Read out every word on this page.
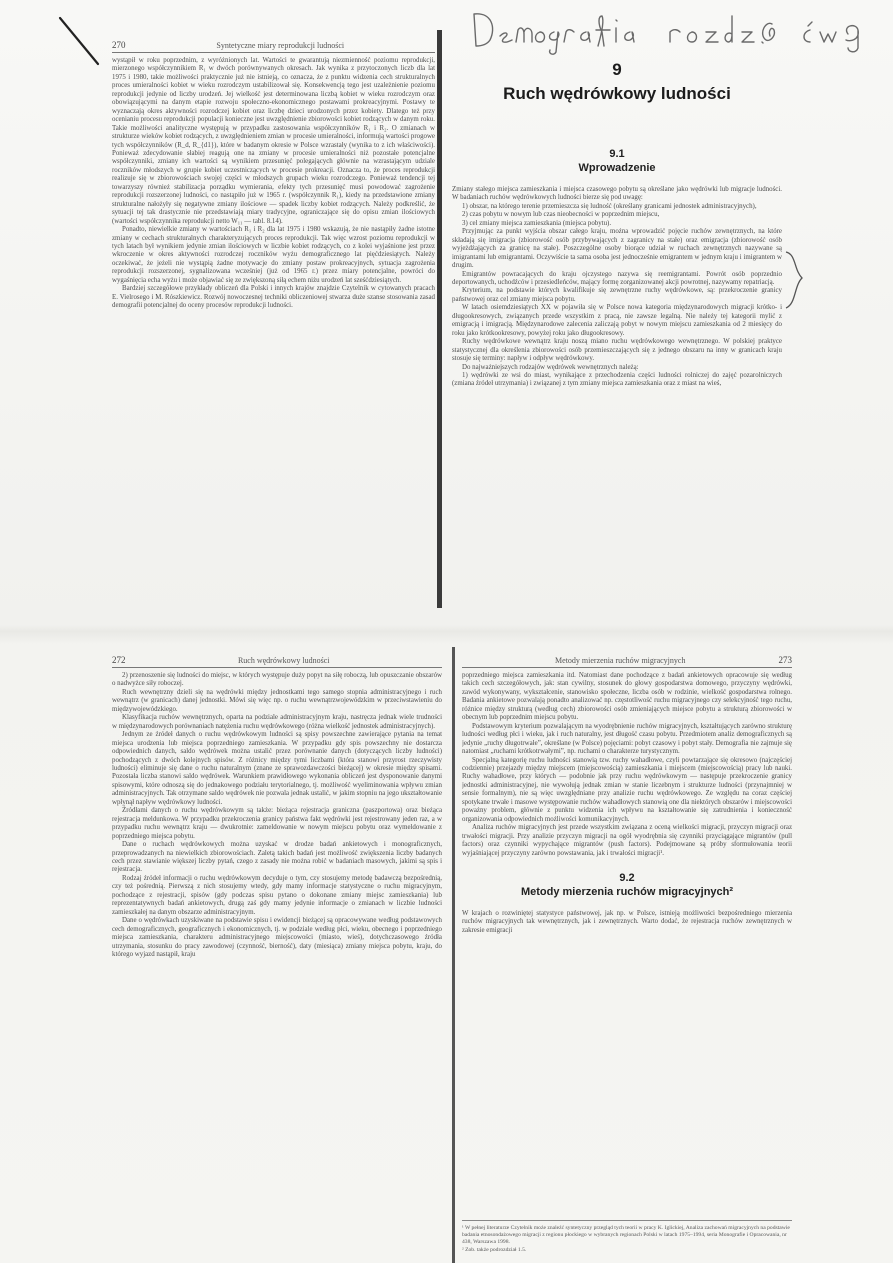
270	Syntetyczne miary reprodukcji ludności

wystąpił w roku poprzednim, z wyróżnionych lat. Wartości te gwarantują niezmienność poziomu reprodukcji, mierzonego współczynnikiem R₁ w dwóch porównywanych okresach. Jak wynika z przytoczonych liczb dla lat 1975 i 1980, takie możliwości praktycznie już nie istnieją, co oznacza, że z punktu widzenia cech strukturalnych proces umieralności kobiet w wieku rozrodczym ustabilizował się. Konsekwencją tego jest uzależnienie poziomu reprodukcji jedynie od liczby urodzeń. Jej wielkość jest determinowana liczbą kobiet w wieku rozrodczym oraz obowiązującymi na danym etapie rozwoju społeczno-ekonomicznego postawami prokreacyjnymi. Postawy te wyznaczają okres aktywności rozrodczej kobiet oraz liczbę dzieci urodzonych przez kobiety. Dlatego też przy ocenianiu procesu reprodukcji populacji konieczne jest uwzględnienie zbiorowości kobiet rodzących w danym roku. Takie możliwości analityczne występują w przypadku zastosowania współczynników R₁ i R₂. O zmianach w strukturze wieków kobiet rodzących, z uwzględnieniem zmian w procesie umieralności, informują wartości progowe tych współczynników (R_d, R_{d1}), które w badanym okresie w Polsce wzrastały (wynika to z ich właściwości). Ponieważ zdecydowanie słabiej reagują one na zmiany w procesie umieralności niż pozostałe potencjalne współczynniki, zmiany ich wartości są wynikiem przesunięć polegających głównie na wzrastającym udziale roczników młodszych w grupie kobiet uczestniczących w procesie prokreacji. Oznacza to, że proces reprodukcji realizuje się w zbiorowościach swojej części w młodszych grupach wieku rozrodczego. Ponieważ tendencji tej towarzyszy również stabilizacja porządku wymierania, efekty tych przesunięć musi powodować zagrożenie reprodukcji rozszerzonej ludności, co nastąpiło już w 1965 r. (współczynnik R₁), kiedy na przedstawione zmiany strukturalne nałożyły się negatywne zmiany ilościowe — spadek liczby kobiet rodzących. Należy podkreślić, że sytuacji tej tak drastycznie nie przedstawiają miary tradycyjne, ograniczające się do opisu zmian ilościowych (wartości współczynnika reprodukcji netto W₁₁ — tabl. 8.14).

Ponadto, niewielkie zmiany w wartościach R₁ i R₂ dla lat 1975 i 1980 wskazują, że nie nastąpiły żadne istotne zmiany w cechach strukturalnych charakteryzujących proces reprodukcji. Tak więc wzrost poziomu reprodukcji w tych latach był wynikiem jedynie zmian ilościowych w liczbie kobiet rodzących, co z kolei wyjaśnione jest przez wkroczenie w okres aktywności rozrodczej roczników wyżu demograficznego lat pięćdziesiątych. Należy oczekiwać, że jeżeli nie wystąpią żadne motywacje do zmiany postaw prokreacyjnych, sytuacja zagrożenia reprodukcji rozszerzonej, sygnalizowana wcześniej (już od 1965 r.) przez miary potencjalne, powróci do wygaśnięcia echa wyżu i może objawiać się ze zwiększoną siłą echem niżu urodzeń lat sześćdziesiątych.

Bardziej szczegółowe przykłady obliczeń dla Polski i innych krajów znajdzie Czytelnik w cytowanych pracach E. Vielrosego i M. Rószkiewicz. Rozwój nowoczesnej techniki obliczeniowej stwarza duże szanse stosowania zasad demografii potencjalnej do oceny procesów reprodukcji ludności.

9
Ruch wędrówkowy ludności
9.1
Wprowadzenie

Zmiany stałego miejsca zamieszkania i miejsca czasowego pobytu są określane jako wędrówki lub migracje ludności. W badaniach ruchów wędrówkowych ludności bierze się pod uwagę:

1) obszar, na którego terenie przemieszcza się ludność (określany granicami jednostek administracyjnych),

2) czas pobytu w nowym lub czas nieobecności w poprzednim miejscu,

3) cel zmiany miejsca zamieszkania (miejsca pobytu).

Przyjmując za punkt wyjścia obszar całego kraju, można wprowadzić pojęcie ruchów zewnętrznych, na które składają się imigracja (zbiorowość osób przybywających z zagranicy na stałe) oraz emigracja (zbiorowość osób wyjeżdżających za granicę na stałe). Poszczególne osoby biorące udział w ruchach zewnętrznych nazywane są imigrantami lub emigrantami. Oczywiście ta sama osoba jest jednocześnie emigrantem w jednym kraju i imigrantem w drugim.

Emigrantów powracających do kraju ojczystego nazywa się reemigrantami. Powrót osób poprzednio deportowanych, uchodźców i przesiedleńców, mający formę zorganizowanej akcji powrotnej, nazywamy repatriacją.

Kryterium, na podstawie których kwalifikuje się zewnętrzne ruchy wędrówkowe, są: przekroczenie granicy państwowej oraz cel zmiany miejsca pobytu.

W latach osiemdziesiątych XX w pojawiła się w Polsce nowa kategoria międzynarodowych migracji krótko- i długookresowych, związanych przede wszystkim z pracą, nie zawsze legalną. Nie należy tej kategorii mylić z emigracją i imigracją. Międzynarodowe zalecenia zaliczają pobyt w nowym miejscu zamieszkania od 2 miesięcy do roku jako krótkookresowy, powyżej roku jako długookresowy.

Ruchy wędrówkowe wewnątrz kraju noszą miano ruchu wędrówkowego wewnętrznego. W polskiej praktyce statystycznej dla określenia zbiorowości osób przemieszczających się z jednego obszaru na inny w granicach kraju stosuje się terminy: napływ i odpływ wędrówkowy.

Do najważniejszych rodzajów wędrówek wewnętrznych należą:

1) wędrówki ze wsi do miast, wynikające z przechodzenia części ludności rolniczej do zajęć pozarolniczych (zmiana źródeł utrzymania) i związanej z tym zmiany miejsca zamieszkania oraz z miast na wieś,

272	Ruch wędrówkowy ludności

2) przenoszenie się ludności do miejsc, w których występuje duży popyt na siłę roboczą, lub opuszczanie obszarów o nadwyżce siły roboczej.

Ruch wewnętrzny dzieli się na wędrówki między jednostkami tego samego stopnia administracyjnego i ruch wewnątrz (w granicach) danej jednostki. Mówi się więc np. o ruchu wewnątrzwojewódzkim w przeciwstawieniu do międzywojewódzkiego.

Klasyfikacja ruchów wewnętrznych, oparta na podziale administracyjnym kraju, nastręcza jednak wiele trudności w międzynarodowych porównaniach natężenia ruchu wędrówkowego (różna wielkość jednostek administracyjnych).

Jednym ze źródeł danych o ruchu wędrówkowym ludności są spisy powszechne zawierające pytania na temat miejsca urodzenia lub miejsca poprzedniego zamieszkania. W przypadku gdy spis powszechny nie dostarcza odpowiednich danych, saldo wędrówek można ustalić przez porównanie danych (dotyczących liczby ludności) pochodzących z dwóch kolejnych spisów. Z różnicy między tymi liczbami (która stanowi przyrost rzeczywisty ludności) eliminuje się dane o ruchu naturalnym (znane ze sprawozdawczości bieżącej) w okresie między spisami. Pozostała liczba stanowi saldo wędrówek. Warunkiem prawidłowego wykonania obliczeń jest dysponowanie danymi spisowymi, które odnoszą się do jednakowego podziału terytorialnego, tj. możliwość wyeliminowania wpływu zmian administracyjnych. Tak otrzymane saldo wędrówek nie pozwala jednak ustalić, w jakim stopniu na jego ukształtowanie wpłynął napływ wędrówkowy ludności.

Źródłami danych o ruchu wędrówkowym są także: bieżąca rejestracja graniczna (paszportowa) oraz bieżąca rejestracja meldunkowa. W przypadku przekroczenia granicy państwa fakt wędrówki jest rejestrowany jeden raz, a w przypadku ruchu wewnątrz kraju — dwukrotnie: zameldowanie w nowym miejscu pobytu oraz wymeldowanie z poprzedniego miejsca pobytu.

Dane o ruchach wędrówkowych można uzyskać w drodze badań ankietowych i monograficznych, przeprowadzanych na niewielkich zbiorowościach. Zaletą takich badań jest możliwość zwiększenia liczby badanych cech przez stawianie większej liczby pytań, czego z zasady nie można robić w badaniach masowych, jakimi są spis i rejestracja.

Rodzaj źródeł informacji o ruchu wędrówkowym decyduje o tym, czy stosujemy metodę badawczą bezpośrednią, czy też pośrednią. Pierwszą z nich stosujemy wtedy, gdy mamy informacje statystyczne o ruchu migracyjnym, pochodzące z rejestracji, spisów (gdy podczas spisu pytano o dokonane zmiany miejsc zamieszkania) lub reprezentatywnych badań ankietowych, drugą zaś gdy mamy jedynie informacje o zmianach w liczbie ludności zamieszkałej na danym obszarze administracyjnym.

Dane o wędrówkach uzyskiwane na podstawie spisu i ewidencji bieżącej są opracowywane według podstawowych cech demograficznych, geograficznych i ekonomicznych, tj. w podziale według płci, wieku, obecnego i poprzedniego miejsca zamieszkania, charakteru administracyjnego miejscowości (miasto, wieś), dotychczasowego źródła utrzymania, stosunku do pracy zawodowej (czynność, bierność), daty (miesiąca) zmiany miejsca pobytu, kraju, do którego wyjazd nastąpił, kraju

Metody mierzenia ruchów migracyjnych	273

poprzedniego miejsca zamieszkania itd. Natomiast dane pochodzące z badań ankietowych opracowuje się według takich cech szczegółowych, jak: stan cywilny, stosunek do głowy gospodarstwa domowego, przyczyny wędrówki, zawód wykonywany, wykształcenie, stanowisko społeczne, liczba osób w rodzinie, wielkość gospodarstwa rolnego. Badania ankietowe pozwalają ponadto analizować np. częstotliwość ruchu migracyjnego czy selekcyjność tego ruchu, różnice między strukturą (według cech) zbiorowości osób zmieniających miejsce pobytu a strukturą zbiorowości w obecnym lub poprzednim miejscu pobytu.

Podstawowym kryterium pozwalającym na wyodrębnienie ruchów migracyjnych, kształtujących zarówno strukturę ludności według płci i wieku, jak i ruch naturalny, jest długość czasu pobytu. Przedmiotem analiz demograficznych są jedynie „ruchy długotrwałe”, określane (w Polsce) pojęciami: pobyt czasowy i pobyt stały. Demografia nie zajmuje się natomiast „ruchami krótkotrwałymi”, np. ruchami o charakterze turystycznym.

Specjalną kategorię ruchu ludności stanowią tzw. ruchy wahadłowe, czyli powtarzające się okresowo (najczęściej codziennie) przejazdy między miejscem (miejscowością) zamieszkania i miejscem (miejscowością) pracy lub nauki. Ruchy wahadłowe, przy których — podobnie jak przy ruchu wędrówkowym — następuje przekroczenie granicy jednostki administracyjnej, nie wywołują jednak zmian w stanie liczebnym i strukturze ludności (przynajmniej w sensie formalnym), nie są więc uwzględniane przy analizie ruchu wędrówkowego. Ze względu na coraz częściej spotykane trwałe i masowe występowanie ruchów wahadłowych stanowią one dla niektórych obszarów i miejscowości poważny problem, głównie z punktu widzenia ich wpływu na kształtowanie się zatrudnienia i konieczność organizowania odpowiednich możliwości komunikacyjnych.

Analiza ruchów migracyjnych jest przede wszystkim związana z oceną wielkości migracji, przyczyn migracji oraz trwałości migracji. Przy analizie przyczyn migracji na ogół wyodrębnia się czynniki przyciągające migrantów (pull factors) oraz czynniki wypychające migrantów (push factors). Podejmowane są próby sformułowania teorii wyjaśniającej przyczyny zarówno powstawania, jak i trwałości migracji¹.

9.2
Metody mierzenia ruchów migracyjnych²

W krajach o rozwiniętej statystyce państwowej, jak np. w Polsce, istnieją możliwości bezpośredniego mierzenia ruchów migracyjnych tak wewnętrznych, jak i zewnętrznych. Warto dodać, że rejestracja ruchów zewnętrznych w zakresie emigracji

¹ W pełnej literaturze Czytelnik może znaleźć syntetyczny przegląd tych teorii w pracy K. Iglickiej, Analiza zachowań migracyjnych na podstawie badania etnosondażowego migracji z regionu płockiego w wybranych regionach Polski w latach 1975–1994, seria Monografie i Opracowania, nr 438, Warszawa 1998.

² Zob. także podrozdział 1.5.
